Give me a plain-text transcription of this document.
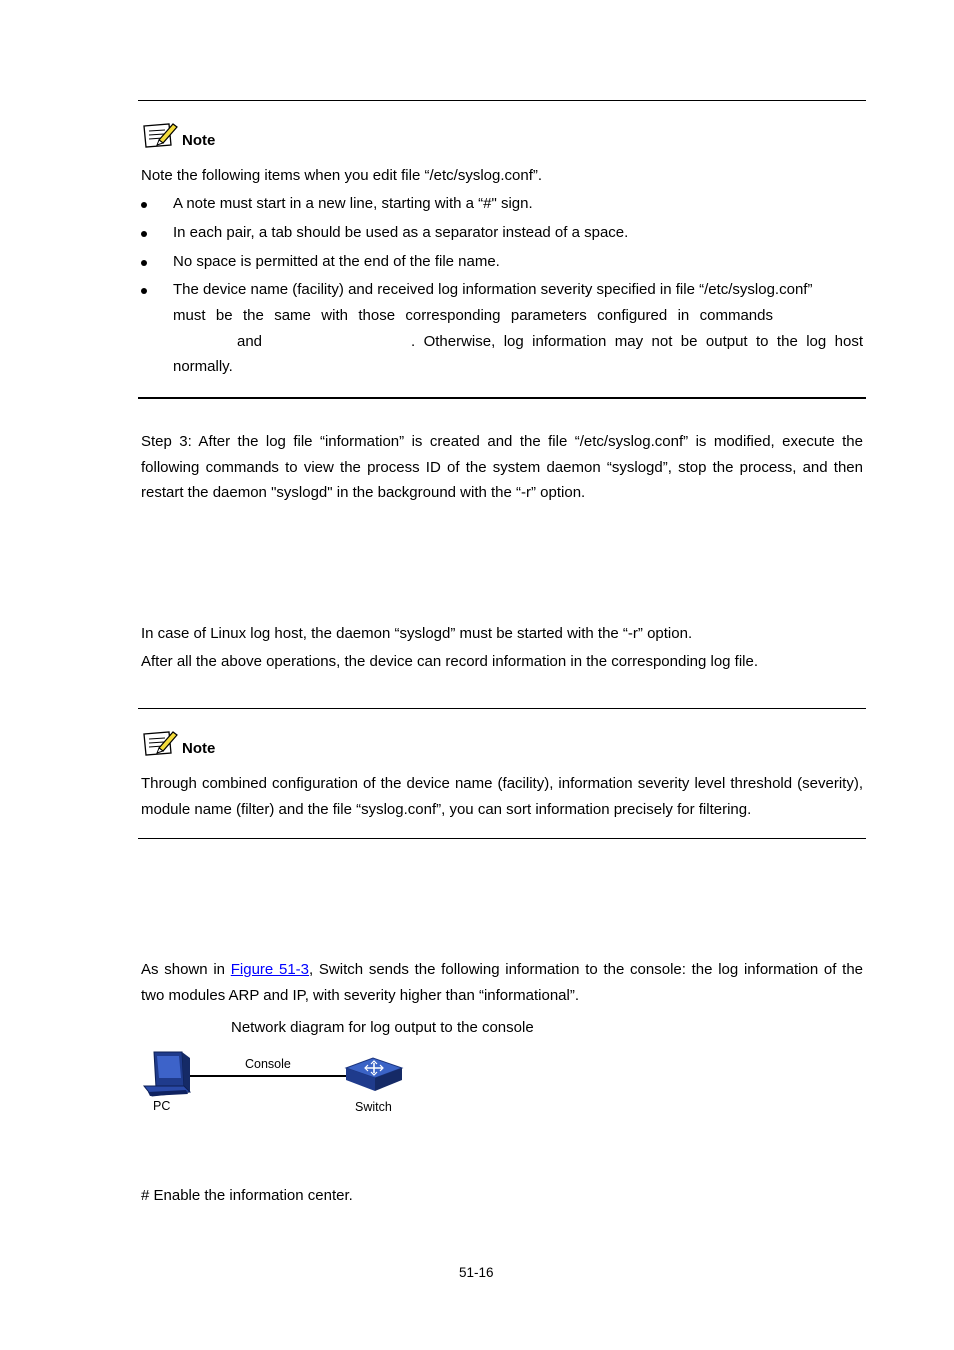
Note
Note the following items when you edit file “/etc/syslog.conf”.
A note must start in a new line, starting with a “#" sign.
In each pair, a tab should be used as a separator instead of a space.
No space is permitted at the end of the file name.
The device name (facility) and received log information severity specified in file “/etc/syslog.conf”
must be the same with those corresponding parameters configured in commands
and	. Otherwise, log information may not be output to the log host
normally.
Step 3: After the log file “information” is created and the file “/etc/syslog.conf” is modified, execute the following commands to view the process ID of the system daemon “syslogd”, stop the process, and then restart the daemon "syslogd" in the background with the “-r” option.
In case of Linux log host, the daemon “syslogd” must be started with the “-r” option.
After all the above operations, the device can record information in the corresponding log file.
Note
Through combined configuration of the device name (facility), information severity level threshold (severity), module name (filter) and the file “syslog.conf”, you can sort information precisely for filtering.
As shown in Figure 51-3, Switch sends the following information to the console: the log information of the two modules ARP and IP, with severity higher than “informational”.
Network diagram for log output to the console
Console
PC	Switch
# Enable the information center.
51-16
